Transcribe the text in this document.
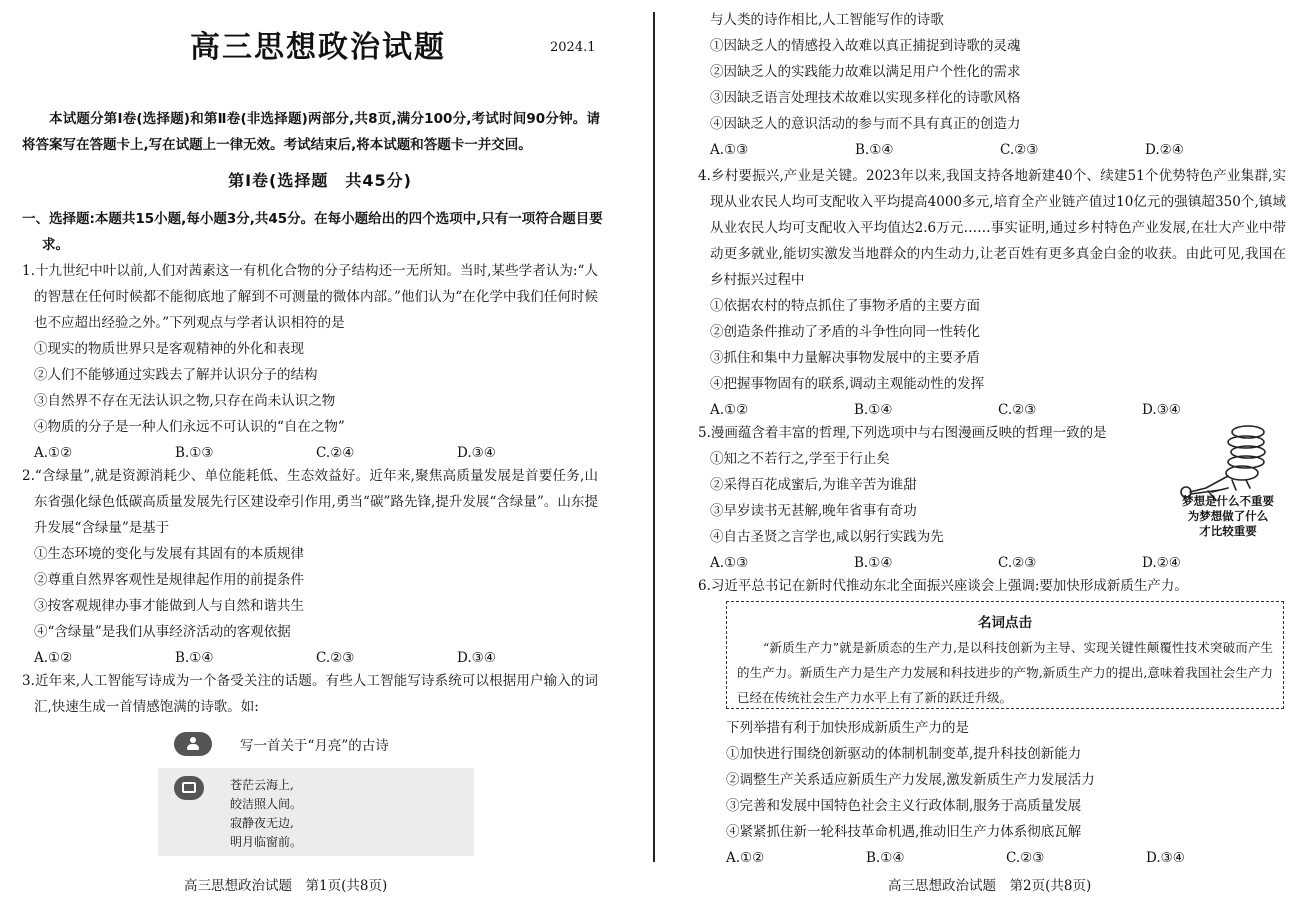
高三思想政治试题	2024.1
本试题分第Ⅰ卷(选择题)和第Ⅱ卷(非选择题)两部分,共8页,满分100分,考试时间90分钟。请将答案写在答题卡上,写在试题上一律无效。考试结束后,将本试题和答题卡一并交回。
第Ⅰ卷(选择题　共45分)
一、选择题:本题共15小题,每小题3分,共45分。在每小题给出的四个选项中,只有一项符合题目要求。
1.十九世纪中叶以前,人们对茜素这一有机化合物的分子结构还一无所知。当时,某些学者认为:“人的智慧在任何时候都不能彻底地了解到不可测量的微体内部。”他们认为“在化学中我们任何时候也不应超出经验之外。”下列观点与学者认识相符的是
①现实的物质世界只是客观精神的外化和表现
②人们不能够通过实践去了解并认识分子的结构
③自然界不存在无法认识之物,只存在尚未认识之物
④物质的分子是一种人们永远不可认识的“自在之物”
A.①②	B.①③	C.②④	D.③④
2.“含绿量”,就是资源消耗少、单位能耗低、生态效益好。近年来,聚焦高质量发展是首要任务,山东省强化绿色低碳高质量发展先行区建设牵引作用,勇当“碳”路先锋,提升发展“含绿量”。山东提升发展“含绿量”是基于
①生态环境的变化与发展有其固有的本质规律
②尊重自然界客观性是规律起作用的前提条件
③按客观规律办事才能做到人与自然和谐共生
④“含绿量”是我们从事经济活动的客观依据
A.①②	B.①④	C.②③	D.③④
3.近年来,人工智能写诗成为一个备受关注的话题。有些人工智能写诗系统可以根据用户输入的词汇,快速生成一首情感饱满的诗歌。如:
写一首关于“月亮”的古诗
苍茫云海上,
皎洁照人间。
寂静夜无边,
明月临窗前。
高三思想政治试题　第1页(共8页)
与人类的诗作相比,人工智能写作的诗歌
①因缺乏人的情感投入故难以真正捕捉到诗歌的灵魂
②因缺乏人的实践能力故难以满足用户个性化的需求
③因缺乏语言处理技术故难以实现多样化的诗歌风格
④因缺乏人的意识活动的参与而不具有真正的创造力
A.①③	B.①④	C.②③	D.②④
4.乡村要振兴,产业是关键。2023年以来,我国支持各地新建40个、续建51个优势特色产业集群,实现从业农民人均可支配收入平均提高4000多元,培育全产业链产值过10亿元的强镇超350个,镇域从业农民人均可支配收入平均值达2.6万元……事实证明,通过乡村特色产业发展,在壮大产业中带动更多就业,能切实激发当地群众的内生动力,让老百姓有更多真金白金的收获。由此可见,我国在乡村振兴过程中
①依据农村的特点抓住了事物矛盾的主要方面
②创造条件推动了矛盾的斗争性向同一性转化
③抓住和集中力量解决事物发展中的主要矛盾
④把握事物固有的联系,调动主观能动性的发挥
A.①②	B.①④	C.②③	D.③④
5.漫画蕴含着丰富的哲理,下列选项中与右图漫画反映的哲理一致的是
①知之不若行之,学至于行止矣
②采得百花成蜜后,为谁辛苦为谁甜
③早岁读书无甚解,晚年省事有奇功
④自古圣贤之言学也,咸以躬行实践为先
A.①③	B.①④	C.②③	D.②④
6.习近平总书记在新时代推动东北全面振兴座谈会上强调:要加快形成新质生产力。
下列举措有利于加快形成新质生产力的是
①加快进行围绕创新驱动的体制机制变革,提升科技创新能力
②调整生产关系适应新质生产力发展,激发新质生产力发展活力
③完善和发展中国特色社会主义行政体制,服务于高质量发展
④紧紧抓住新一轮科技革命机遇,推动旧生产力体系彻底瓦解
A.①②	B.①④	C.②③	D.③④
高三思想政治试题　第2页(共8页)
梦想是什么不重要
为梦想做了什么
才比较重要
名词点击
“新质生产力”就是新质态的生产力,是以科技创新为主导、实现关键性颠覆性技术突破而产生的生产力。新质生产力是生产力发展和科技进步的产物,新质生产力的提出,意味着我国社会生产力已经在传统社会生产力水平上有了新的跃迁升级。
